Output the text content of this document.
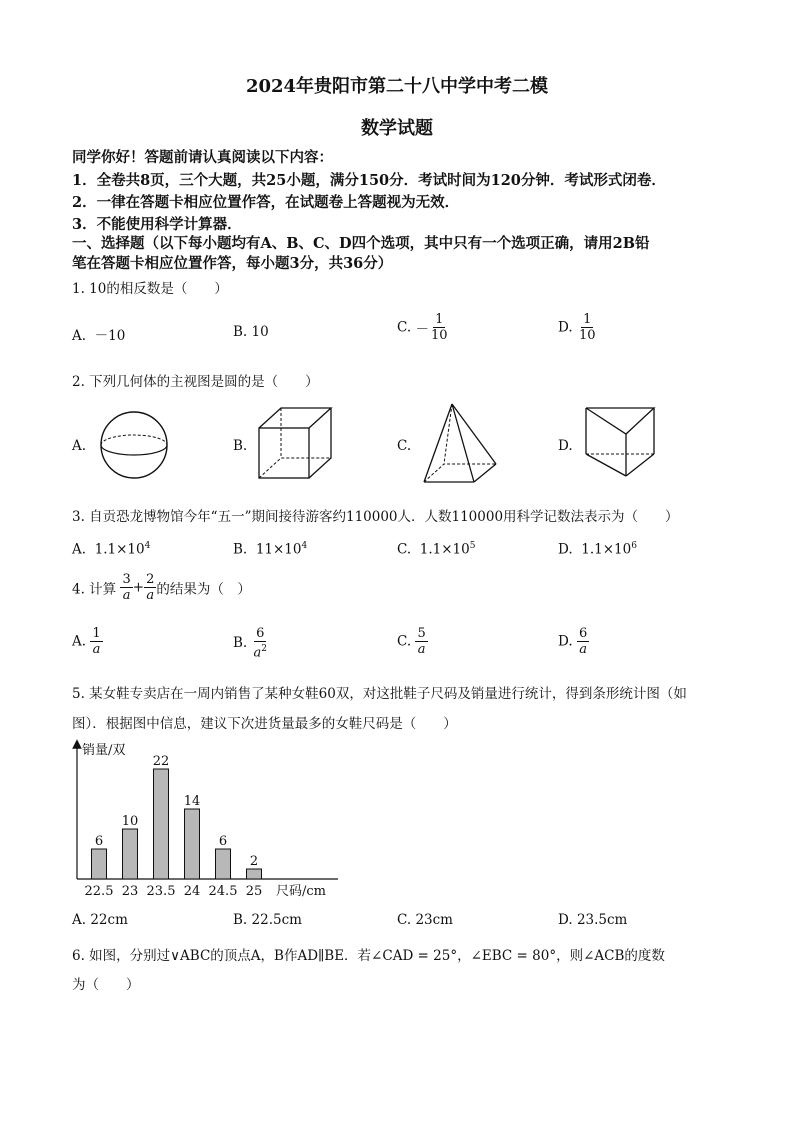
2024年贵阳市第二十八中学中考二模
数学试题
同学你好！答题前请认真阅读以下内容：
1．全卷共8页，三个大题，共25小题，满分150分．考试时间为120分钟．考试形式闭卷．
2．一律在答题卡相应位置作答，在试题卷上答题视为无效．
3．不能使用科学计算器．
一、选择题（以下每小题均有A、B、C、D四个选项，其中只有一个选项正确，请用2B铅
笔在答题卡相应位置作答，每小题3分，共36分）
1. 10的相反数是（　　）
A. －10	B. 10	C. － $\frac{1}{10}$	D. $\frac{1}{10}$
2. 下列几何体的主视图是圆的是（　　）
A.	B.	C.	D.
3. 自贡恐龙博物馆今年“五一”期间接待游客约110000人．人数110000用科学记数法表示为（　　）
A. $1.1\times 10^4$	B. $11\times 10^4$	C. $1.1\times 10^5$	D. $1.1\times 10^6$
4. 计算 $\frac{3}{a} + \frac{2}{a}$ 的结果为（　）
A. $\frac{1}{a}$	B. $\frac{6}{a^2}$	C. $\frac{5}{a}$	D. $\frac{6}{a}$
5. 某女鞋专卖店在一周内销售了某种女鞋60双，对这批鞋子尺码及销量进行统计，得到条形统计图（如
图）．根据图中信息，建议下次进货量最多的女鞋尺码是（　　）
销量/双
尺码/cm
6
22.5
10
23
22
23.5
14
24
6
24.5
2
25
A. 22cm	B. 22.5cm	C. 23cm	D. 23.5cm
6. 如图，分别过∨ABC的顶点A，B作AD∥BE．若∠CAD = 25°，∠EBC = 80°，则∠ACB的度数
为（　　）
